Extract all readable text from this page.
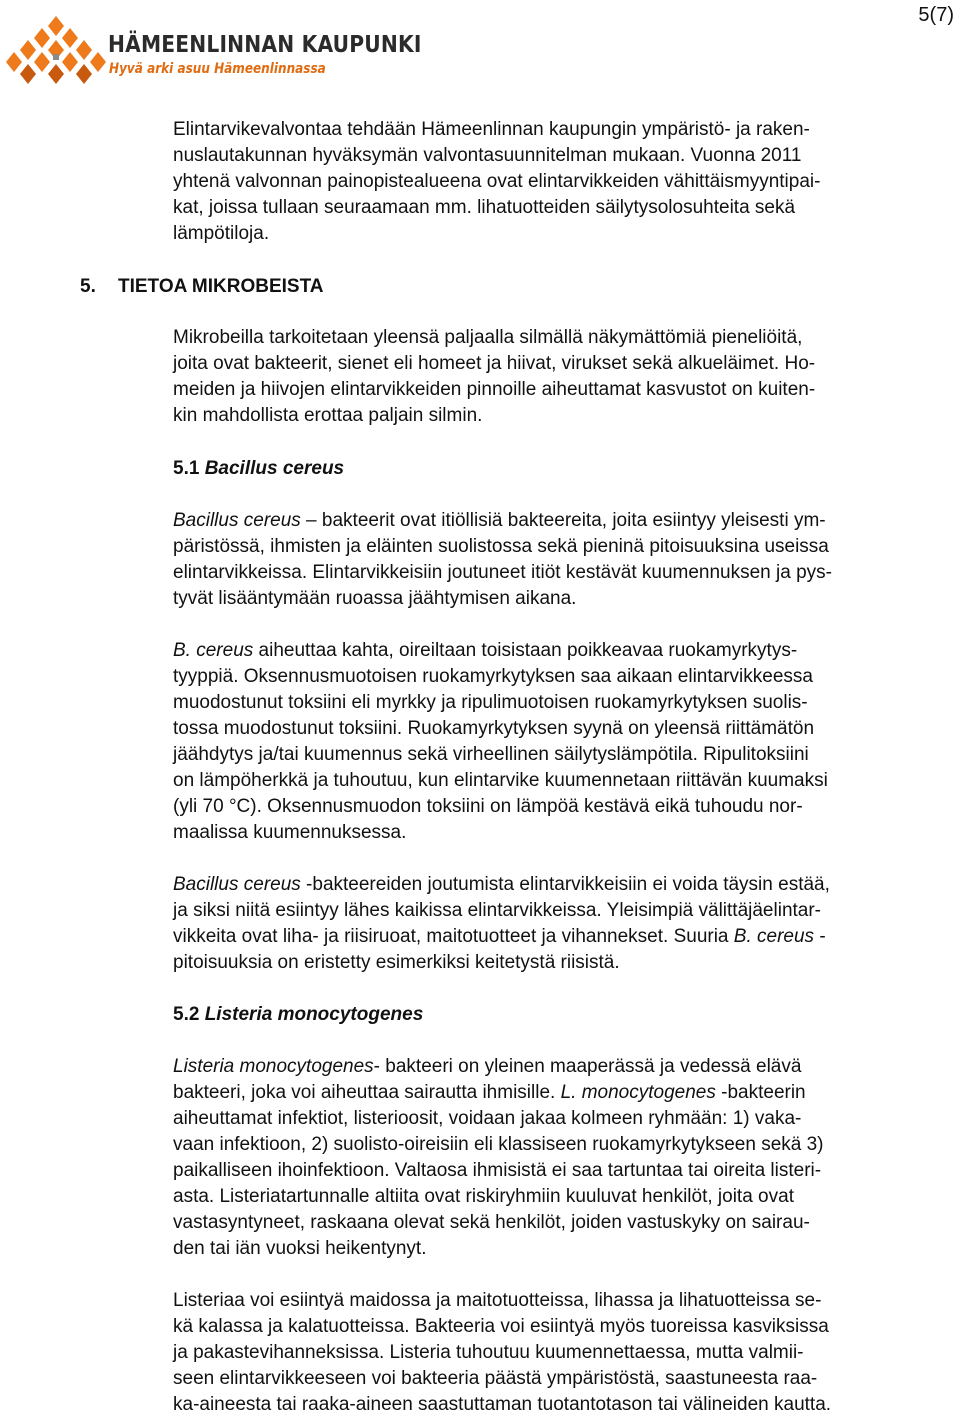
5(7)
HÄMEENLINNAN KAUPUNKI
Hyvä arki asuu Hämeenlinnassa
Elintarvikevalvontaa tehdään Hämeenlinnan kaupungin ympäristö- ja raken-
nuslautakunnan hyväksymän valvontasuunnitelman mukaan. Vuonna 2011
yhtenä valvonnan painopistealueena ovat elintarvikkeiden vähittäismyyntipai-
kat, joissa tullaan seuraamaan mm. lihatuotteiden säilytysolosuhteita sekä
lämpötiloja.
5. TIETOA MIKROBEISTA
Mikrobeilla tarkoitetaan yleensä paljaalla silmällä näkymättömiä pieneliöitä,
joita ovat bakteerit, sienet eli homeet ja hiivat, virukset sekä alkueläimet. Ho-
meiden ja hiivojen elintarvikkeiden pinnoille aiheuttamat kasvustot on kuiten-
kin mahdollista erottaa paljain silmin.
5.1 Bacillus cereus
Bacillus cereus – bakteerit ovat itiöllisiä bakteereita, joita esiintyy yleisesti ym-
päristössä, ihmisten ja eläinten suolistossa sekä pieninä pitoisuuksina useissa
elintarvikkeissa. Elintarvikkeisiin joutuneet itiöt kestävät kuumennuksen ja pys-
tyvät lisääntymään ruoassa jäähtymisen aikana.
B. cereus aiheuttaa kahta, oireiltaan toisistaan poikkeavaa ruokamyrkytys-
tyyppiä. Oksennusmuotoisen ruokamyrkytyksen saa aikaan elintarvikkeessa
muodostunut toksiini eli myrkky ja ripulimuotoisen ruokamyrkytyksen suolis-
tossa muodostunut toksiini. Ruokamyrkytyksen syynä on yleensä riittämätön
jäähdytys ja/tai kuumennus sekä virheellinen säilytyslämpötila. Ripulitoksiini
on lämpöherkkä ja tuhoutuu, kun elintarvike kuumennetaan riittävän kuumaksi
(yli 70 °C). Oksennusmuodon toksiini on lämpöä kestävä eikä tuhoudu nor-
maalissa kuumennuksessa.
Bacillus cereus -bakteereiden joutumista elintarvikkeisiin ei voida täysin estää,
ja siksi niitä esiintyy lähes kaikissa elintarvikkeissa. Yleisimpiä välittäjäelintar-
vikkeita ovat liha- ja riisiruoat, maitotuotteet ja vihannekset. Suuria B. cereus -
pitoisuuksia on eristetty esimerkiksi keitetystä riisistä.
5.2 Listeria monocytogenes
Listeria monocytogenes- bakteeri on yleinen maaperässä ja vedessä elävä
bakteeri, joka voi aiheuttaa sairautta ihmisille. L. monocytogenes -bakteerin
aiheuttamat infektiot, listerioosit, voidaan jakaa kolmeen ryhmään: 1) vaka-
vaan infektioon, 2) suolisto-oireisiin eli klassiseen ruokamyrkytykseen sekä 3)
paikalliseen ihoinfektioon. Valtaosa ihmisistä ei saa tartuntaa tai oireita listeri-
asta. Listeriatartunnalle altiita ovat riskiryhmiin kuuluvat henkilöt, joita ovat
vastasyntyneet, raskaana olevat sekä henkilöt, joiden vastuskyky on sairau-
den tai iän vuoksi heikentynyt.
Listeriaa voi esiintyä maidossa ja maitotuotteissa, lihassa ja lihatuotteissa se-
kä kalassa ja kalatuotteissa. Bakteeria voi esiintyä myös tuoreissa kasviksissa
ja pakastevihanneksissa. Listeria tuhoutuu kuumennettaessa, mutta valmii-
seen elintarvikkeeseen voi bakteeria päästä ympäristöstä, saastuneesta raa-
ka-aineesta tai raaka-aineen saastuttaman tuotantotason tai välineiden kautta.
